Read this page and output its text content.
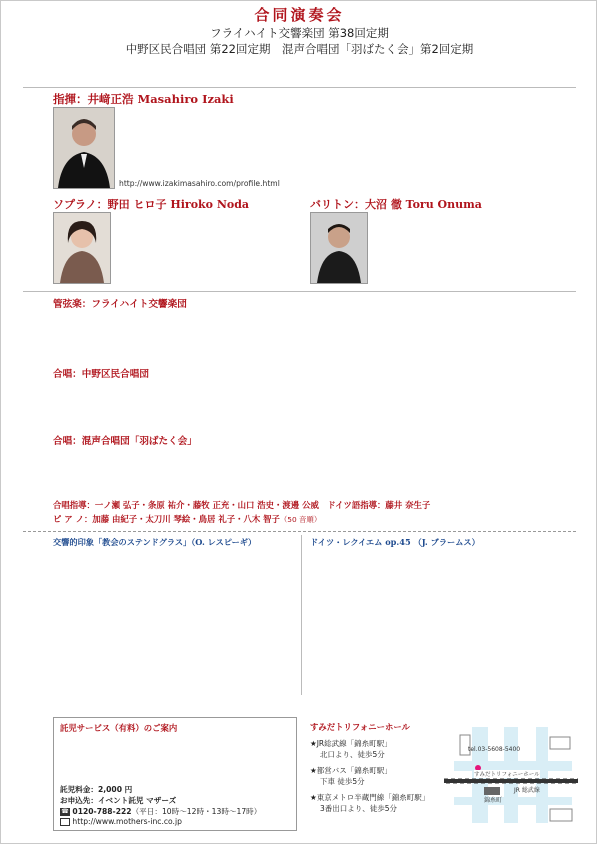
合同演奏会
フライハイト交響楽団 第38回定期
中野区民合唱団 第22回定期　混声合唱団「羽ばたく会」第2回定期
指揮：井﨑正浩 Masahiro Izaki
http://www.izakimasahiro.com/profile.html
ソプラノ：野田 ヒロ子 Hiroko Noda	バリトン：大沼 徹 Toru Onuma
管弦楽：フライハイト交響楽団
合唱：中野区民合唱団
合唱：混声合唱団「羽ばたく会」
合唱指導：一ノ瀬 弘子・条原 祐介・藤牧 正充・山口 浩史・渡邊 公威　ドイツ語指導：藤井 奈生子
ピ ア ノ：加藤 由紀子・太刀川 琴絵・鳥居 礼子・八木 智子（50 音順）
交響的印象「教会のステンドグラス」（O. レスピーギ）	ドイツ・レクイエム op.45 （J. ブラームス）
託児サービス（有料）のご案内
託児料金：2,000 円
お申込先：イベント託児 マザーズ
☎ 0120-788-222（平日：10時〜12時・13時〜17時）
http://www.mothers-inc.co.jp
すみだトリフォニーホール
★JR総武線「錦糸町駅」
北口より、徒歩5分
★都営バス「錦糸町駅」
下車 徒歩5分
★東京メトロ半蔵門線「錦糸町駅」
3番出口より、徒歩5分
tel.03-5608-5400
すみだトリフォニーホール
JR 総武線
錦糸町
